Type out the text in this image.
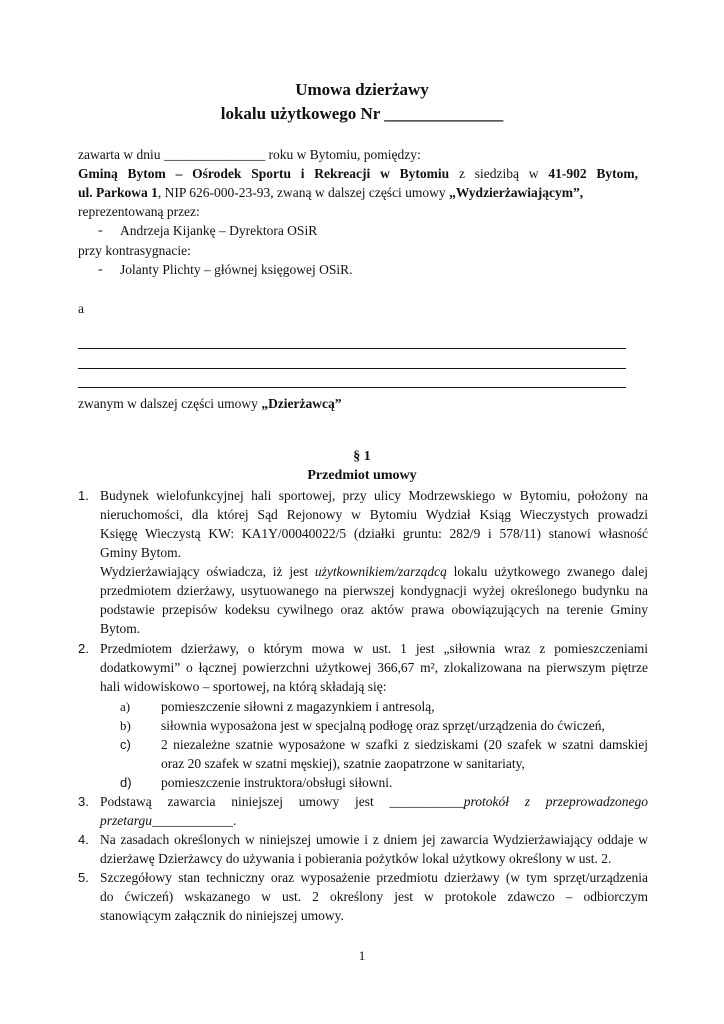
Umowa dzierżawy
lokalu użytkowego Nr ______________
zawarta w dniu _______________ roku w Bytomiu, pomiędzy:
Gminą Bytom – Ośrodek Sportu i Rekreacji w Bytomiu z siedzibą w 41-902 Bytom,
ul. Parkowa 1, NIP 626-000-23-93, zwaną w dalszej części umowy „Wydzierżawiającym”,
reprezentowaną przez:
- Andrzeja Kijankę – Dyrektora OSiR
przy kontrasygnacie:
- Jolanty Plichty – głównej księgowej OSiR.
a
zwanym w dalszej części umowy „Dzierżawcą”
§ 1
Przedmiot umowy
1. Budynek wielofunkcyjnej hali sportowej, przy ulicy Modrzewskiego w Bytomiu, położony na
nieruchomości, dla której Sąd Rejonowy w Bytomiu Wydział Ksiąg Wieczystych prowadzi
Księgę Wieczystą KW: KA1Y/00040022/5 (działki gruntu: 282/9 i 578/11) stanowi własność
Gminy Bytom.
Wydzierżawiający oświadcza, iż jest użytkownikiem/zarządcą lokalu użytkowego zwanego dalej
przedmiotem dzierżawy, usytuowanego na pierwszej kondygnacji wyżej określonego budynku na
podstawie przepisów kodeksu cywilnego oraz aktów prawa obowiązujących na terenie Gminy
Bytom.
2. Przedmiotem dzierżawy, o którym mowa w ust. 1 jest „siłownia wraz z pomieszczeniami
dodatkowymi” o łącznej powierzchni użytkowej 366,67 m², zlokalizowana na pierwszym piętrze
hali widowiskowo – sportowej, na którą składają się:
a)	pomieszczenie siłowni z magazynkiem i antresolą,
b)	siłownia wyposażona jest w specjalną podłogę oraz sprzęt/urządzenia do ćwiczeń,
c)	2 niezależne szatnie wyposażone w szafki z siedziskami (20 szafek w szatni damskiej
oraz 20 szafek w szatni męskiej), szatnie zaopatrzone w sanitariaty,
d)	pomieszczenie instruktora/obsługi siłowni.
3. Podstawą zawarcia niniejszej umowy jest ___________protokół z przeprowadzonego
przetargu____________.
4. Na zasadach określonych w niniejszej umowie i z dniem jej zawarcia Wydzierżawiający oddaje w
dzierżawę Dzierżawcy do używania i pobierania pożytków lokal użytkowy określony w ust. 2.
5. Szczegółowy stan techniczny oraz wyposażenie przedmiotu dzierżawy (w tym sprzęt/urządzenia
do ćwiczeń) wskazanego w ust. 2 określony jest w protokole zdawczo – odbiorczym
stanowiącym załącznik do niniejszej umowy.
1
